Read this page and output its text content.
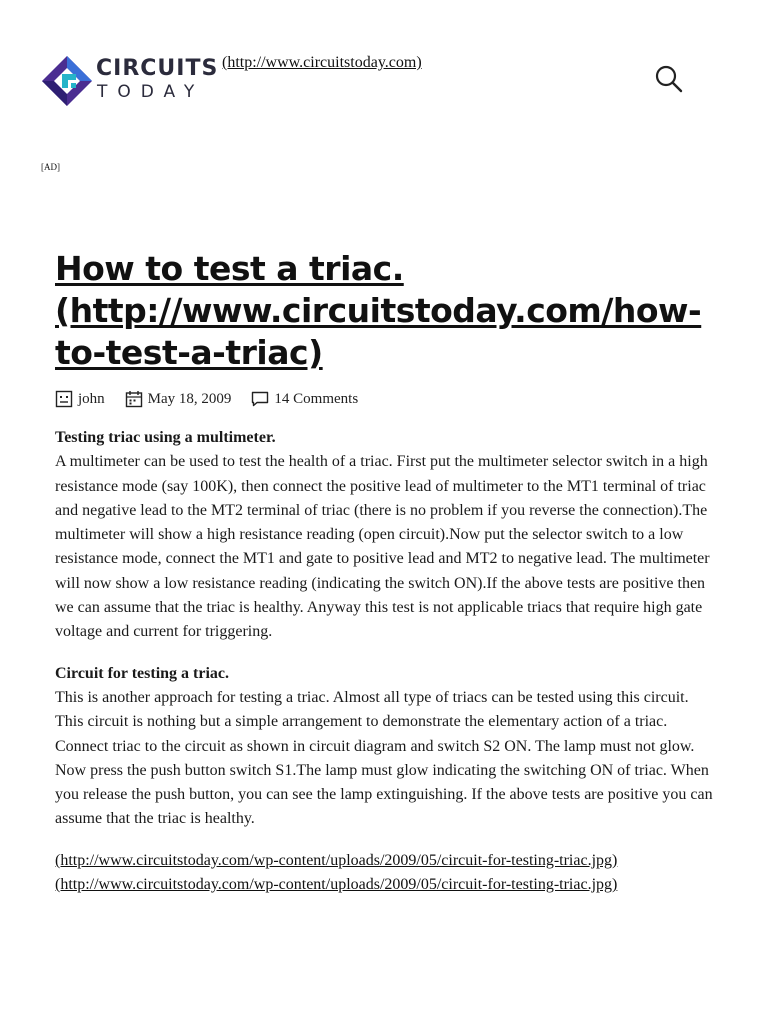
CIRCUITS
TODAY
(http://www.circuitstoday.com)
[AD]
How to test a triac. (http://www.circuitstoday.com/how-to-test-a-triac)
john	May 18, 2009	14 Comments

Testing triac using a multimeter.
A multimeter can be used to test the health of a triac. First put the multimeter selector switch in a high resistance mode (say 100K), then connect the positive lead of multimeter to the MT1 terminal of triac and negative lead to the MT2 terminal of triac (there is no problem if you reverse the connection).The multimeter will show a high resistance reading (open circuit).Now put the selector switch to a low resistance mode, connect the MT1 and gate to positive lead and MT2 to negative lead. The multimeter will now show a low resistance reading (indicating the switch ON).If the above tests are positive then we can assume that the triac is healthy. Anyway this test is not applicable triacs that require high gate voltage and current for triggering.

Circuit for testing a triac.
This is another approach for testing a triac. Almost all type of triacs can be tested using this circuit. This circuit is nothing but a simple arrangement to demonstrate the elementary action of a triac. Connect triac to the circuit as shown in circuit diagram and switch S2 ON. The lamp must not glow. Now press the push button switch S1.The lamp must glow indicating the switching ON of triac. When you release the push button, you can see the lamp extinguishing. If the above tests are positive you can assume that the triac is healthy.

(http://www.circuitstoday.com/wp-content/uploads/2009/05/circuit-for-testing-triac.jpg)
(http://www.circuitstoday.com/wp-content/uploads/2009/05/circuit-for-testing-triac.jpg)
